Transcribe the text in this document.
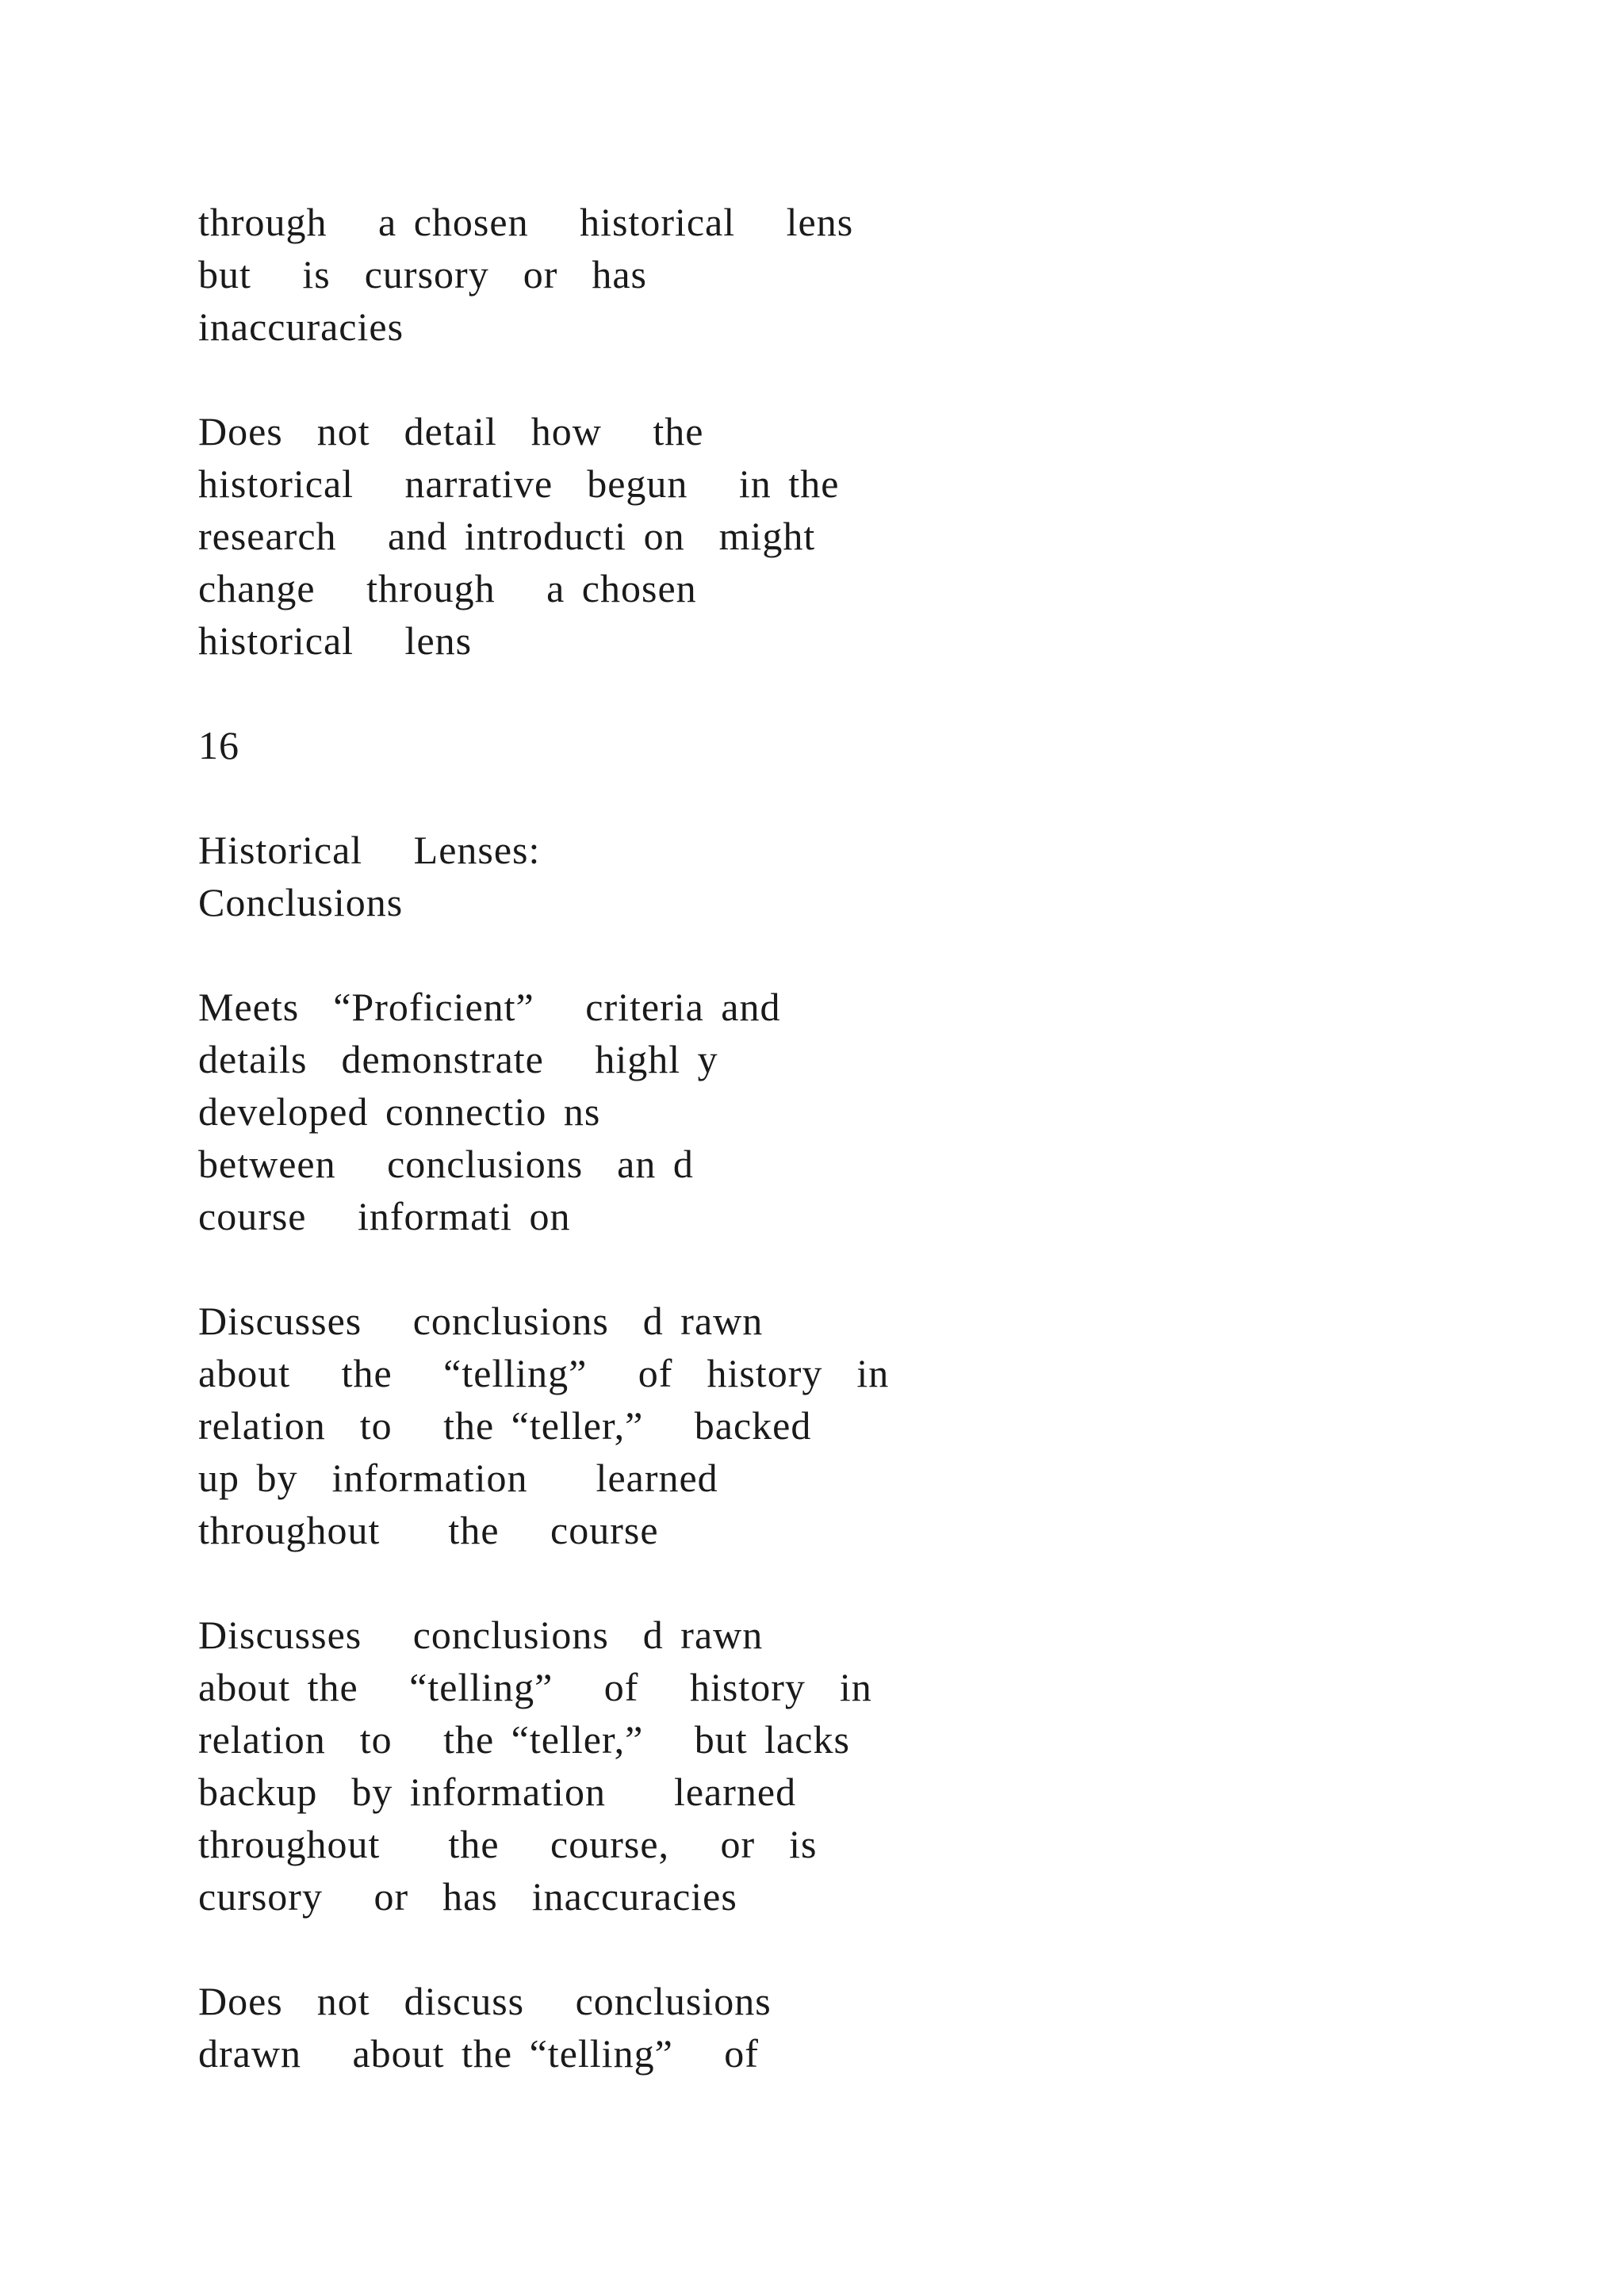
through   a chosen   historical   lens
but   is  cursory  or  has
inaccuracies
Does  not  detail  how   the
historical   narrative  begun   in the
research   and introducti on  might
change   through   a chosen
historical   lens
16
Historical   Lenses:
Conclusions
Meets  “Proficient”   criteria and
details  demonstrate   highl y
developed connectio ns
between   conclusions  an d
course   informati on
Discusses   conclusions  d rawn
about   the   “telling”   of  history  in
relation  to   the “teller,”   backed
up by  information    learned
throughout    the   course
Discusses   conclusions  d rawn
about the   “telling”   of   history  in
relation  to   the “teller,”   but lacks
backup  by information    learned
throughout    the   course,   or  is
cursory   or  has  inaccuracies
Does  not  discuss   conclusions
drawn   about the “telling”   of
